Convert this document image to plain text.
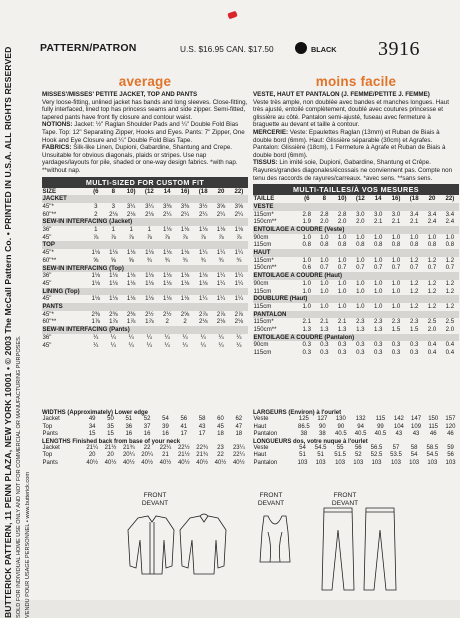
BUTTERICK PATTERN, 11 PENN PLAZA, NEW YORK 10001 • © 2003 The McCall Pattern Co. • PRINTED IN U.S.A. ALL RIGHTS RESERVED SOLD FOR INDIVIDUAL HOME USE ONLY AND NOT FOR COMMERCIAL OR MANUFACTURING PURPOSES. VENDU POUR USAGE PERSONNEL • www.butterick.com
PATTERN/PATRON	U.S. $16.95 CAN. $17.50	BLACK 3916
average
MISSES'/MISSES' PETITE JACKET, TOP AND PANTS
Very loose-fitting, unlined jacket has bands and long sleeves. Close-fitting, fully interfaced, lined top has princess seams and side zipper. Semi-fitted, tapered pants have front fly closure and contour waist.
NOTIONS: Jacket: ½" Raglan Shoulder Pads and ¼" Double Fold Bias Tape. Top: 12" Separating Zipper, Hooks and Eyes. Pants: 7" Zipper, One Hook and Eye Closure and ¼" Double Fold Bias Tape.
FABRICS: Silk-like Linen, Dupioni, Gabardine, Shantung and Crepe. Unsuitable for obvious diagonals, plaids or stripes. Use nap yardages/layouts for pile, shaded or one-way design fabrics. *with nap. **without nap.
MULTI-SIZED FOR CUSTOM FIT
SIZE	(6	8	10)	(12	14	16)	(18	20	22)
JACKET									
45"*	3	3	3¼	3¼	3⅜	3⅜	3½	3⅝	3⅝
60"**	2	2⅛	2⅛	2⅛	2¼	2¼	2¼	2¼	2¼
SEW-IN INTERFACING (Jacket)									
36"	1	1	1	1	1⅛	1⅛	1⅛	1⅛	1⅛
45"	⅞	⅞	⅞	⅞	⅞	⅞	⅞	⅞	⅞
TOP									
45"*	1⅛	1⅛	1⅛	1⅛	1⅛	1⅛	1¼	1¼	1¼
60"**	⅝	⅝	⅝	¾	¾	¾	¾	¾	¾
SEW-IN INTERFACING (Top)									
36"	1⅛	1⅛	1⅛	1⅛	1⅛	1⅛	1⅛	1¼	1¼
45"	1⅛	1⅛	1⅛	1⅛	1⅛	1⅛	1⅛	1¼	1¼
LINING (Top)									
45"	1⅛	1⅛	1⅛	1⅛	1⅛	1⅛	1¼	1¼	1¼
PANTS									
45"*	2⅜	2⅜	2⅜	2½	2½	2⅝	2⅞	2⅞	2⅞
60"**	1⅞	1⅞	1⅞	1⅞	2	2	2⅛	2⅛	2⅛
SEW-IN INTERFACING (Pants)									
36"	¼	¼	¼	¼	¼	¼	¼	¼	¼
45"	¼	¼	¼	¼	¼	¼	¼	¼	¼
moins facile
VESTE, HAUT ET PANTALON (J. FEMME/PETITE J. FEMME)
Veste très ample, non doublée avec bandes et manches longues. Haut très ajusté, entoilé complètement, doublé avec coutures princesse et glissière au côté. Pantalon semi-ajusté, fuseau avec fermeture à braguette au devant et taille à contour.
MERCERIE: Veste: Epaulettes Raglan (13mm) et Ruban de Biais à double bord (6mm). Haut: Glissière séparable (30cm) et Agrafes. Pantalon: Glissière (18cm), 1 Fermeture à Agrafe et Ruban de Biais à double bord (6mm).
TISSUS: Lin imité soie, Dupioni, Gabardine, Shantung et Crêpe. Rayures/grandes diagonales/écossais ne conviennent pas. Compte non tenu des raccords de rayures/carreaux. *avec sens. **sans sens.
MULTI-TAILLES/À VOS MESURES
TAILLE	(6	8	10)	(12	14	16)	(18	20	22)
VESTE									
115cm*	2.8	2.8	2.8	3.0	3.0	3.0	3.4	3.4	3.4
150cm**	1.9	2.0	2.0	2.0	2.1	2.1	2.1	2.4	2.4
ENTOILAGE A COUDRE (Veste)									
90cm	1.0	1.0	1.0	1.0	1.0	1.0	1.0	1.0	1.0
115cm	0.8	0.8	0.8	0.8	0.8	0.8	0.8	0.8	0.8
HAUT									
115cm*	1.0	1.0	1.0	1.0	1.0	1.0	1.2	1.2	1.2
150cm**	0.6	0.7	0.7	0.7	0.7	0.7	0.7	0.7	0.7
ENTOILAGE A COUDRE (Haut)									
90cm	1.0	1.0	1.0	1.0	1.0	1.0	1.2	1.2	1.2
115cm	1.0	1.0	1.0	1.0	1.0	1.0	1.2	1.2	1.2
DOUBLURE (Haut)									
115cm	1.0	1.0	1.0	1.0	1.0	1.0	1.2	1.2	1.2
PANTALON									
115cm*	2.1	2.1	2.1	2.3	2.3	2.3	2.3	2.5	2.5
150cm**	1.3	1.3	1.3	1.3	1.3	1.5	1.5	2.0	2.0
ENTOILAGE A COUDRE (Pantalon)									
90cm	0.3	0.3	0.3	0.3	0.3	0.3	0.3	0.4	0.4
115cm	0.3	0.3	0.3	0.3	0.3	0.3	0.3	0.4	0.4
WIDTHS (Approximately) Lower edge
Jacket	49	50	51	52	54	56	58	60	62
Top	34	35	36	37	39	41	43	45	47
Pants	15	15	16	16	16	17	17	18	18
LENGTHS Finished back from base of your neck
Jacket	21¼	21½	21¾	22	22¼	22½	22¾	23	23¼
Top	20	20	20¼	20¼	21	21½	21¾	22	22¼
Pants	40½	40½	40½	40½	40½	40½	40½	40½	40½
LARGEURS (Environ) à l'ourlet
Veste	125	127	130	132	115	142	147	150	157
Haut	86.5	90	90	94	99	104	109	115	120
Pantalon	38	38	40.5	40.5	40.5	43	43	46	46
LONGUEURS dos, votre nuque à l'ourlet
Veste	54	54.5	55	56	56.5	57	58	58.5	59
Haut	51	51	51.5	52	52.5	53.5	54	54.5	56
Pantalon	103	103	103	103	103	103	103	103	103
FRONT
DEVANT
FRONT
DEVANT
FRONT
DEVANT
